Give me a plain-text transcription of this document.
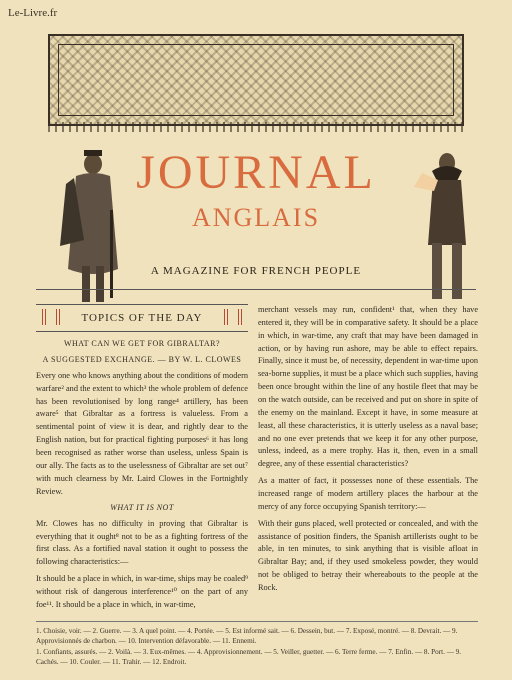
Le-Livre.fr
JOURNAL
ANGLAIS
A MAGAZINE FOR FRENCH PEOPLE
TOPICS OF THE DAY
WHAT CAN WE GET FOR GIBRALTAR?
A SUGGESTED EXCHANGE. — BY W. L. CLOWES

Every one who knows anything about the conditions of modern warfare² and the extent to which³ the whole problem of defence has been revolutionised by long range⁴ artillery, has been aware⁵ that Gibraltar as a fortress is valueless. From a sentimental point of view it is dear, and rightly dear to the English nation, but for practical fighting purposes⁶ it has long been recognised as rather worse than useless, unless Spain is our ally. The facts as to the uselessness of Gibraltar are set out⁷ with much clearness by Mr. Laird Clowes in the Fortnightly Review.

WHAT IT IS NOT

Mr. Clowes has no difficulty in proving that Gibraltar is everything that it ought⁸ not to be as a fighting fortress of the first class. As a fortified naval station it ought to possess the following characteristics:—

It should be a place in which, in war-time, ships may be coaled⁹ without risk of dangerous interference¹⁰ on the part of any foe¹¹. It should be a place in which, in war-time,

merchant vessels may run, confident¹ that, when they have entered it, they will be in comparative safety. It should be a place in which, in war-time, any craft that may have been damaged in action, or by having run ashore, may be able to effect repairs. Finally, since it must be, of necessity, dependent in war-time upon sea-borne supplies, it must be a place which such supplies, having been once brought within the line of any hostile fleet that may be on the watch outside, can be received and put on shore in spite of the enemy on the mainland. Except it have, in some measure at least, all these characteristics, it is utterly useless as a naval base; and no one ever pretends that we keep it for any other purpose, unless, indeed, as a mere trophy. Has it, then, even in a small degree, any of these essential characteristics?

As a matter of fact, it possesses none of these essentials. The increased range of modern artillery places the harbour at the mercy of any force occupying Spanish territory:—

With their guns placed, well protected or concealed, and with the assistance of position finders, the Spanish artillerists ought to be able, in ten minutes, to sink anything that is visible afloat in Gibraltar Bay; and, if they used smokeless powder, they would not be obliged to betray their whereabouts to the people at the Rock.

1. Choisie, voir. — 2. Guerre. — 3. A quel point. — 4. Portée. — 5. Est informé sait. — 6. Dessein, but. — 7. Exposé, montré. — 8. Devrait. — 9. Approvisionnés de charbon. — 10. Intervention défavorable. — 11. Ennemi.
1. Confiants, assurés. — 2. Voilà. — 3. Eux-mêmes. — 4. Approvisionnement. — 5. Veiller, guetter. — 6. Terre ferme. — 7. Enfin. — 8. Port. — 9. Cachés. — 10. Couler. — 11. Trahir. — 12. Endroit.
